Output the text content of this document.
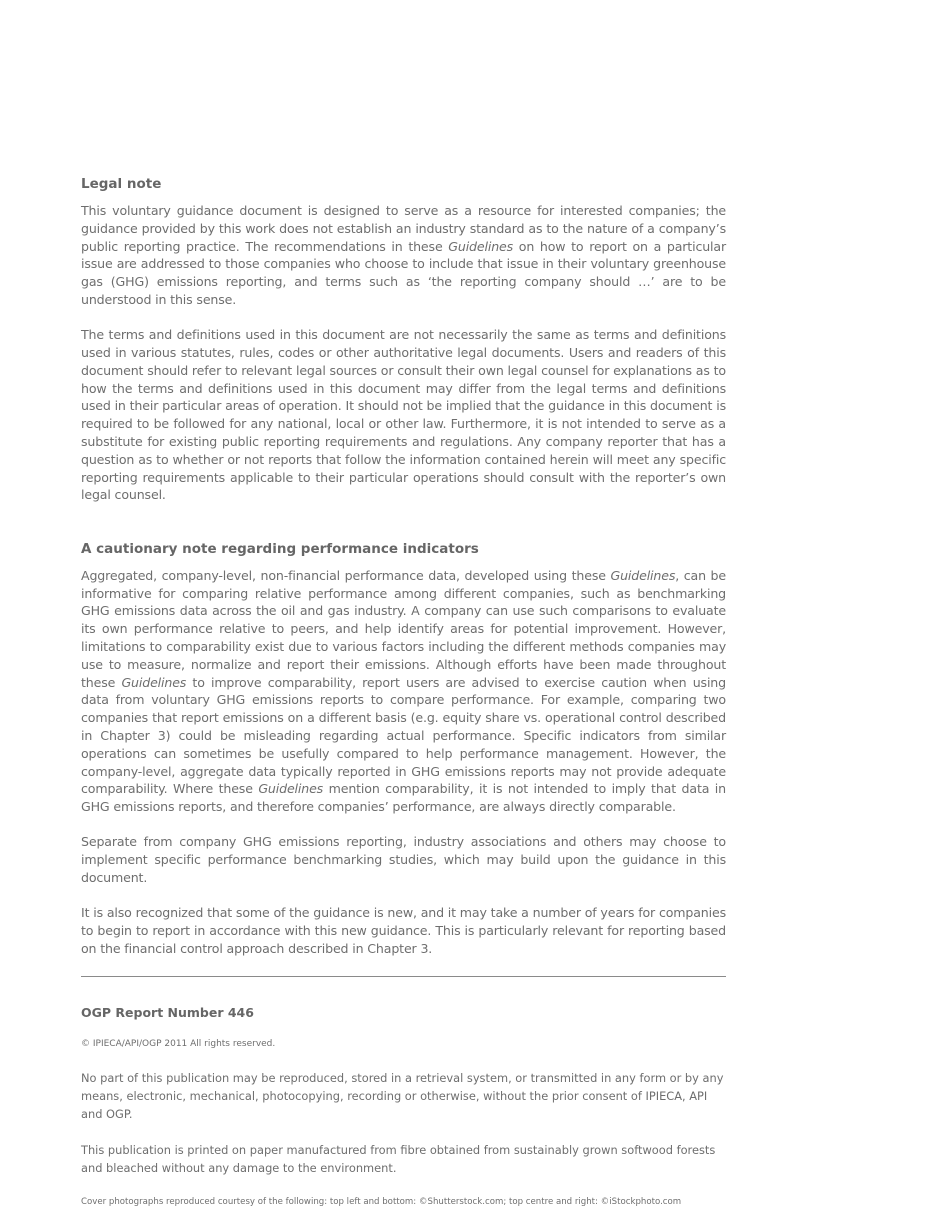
Legal note

This voluntary guidance document is designed to serve as a resource for interested companies; the guidance provided by this work does not establish an industry standard as to the nature of a company’s public reporting practice. The recommendations in these Guidelines on how to report on a particular issue are addressed to those companies who choose to include that issue in their voluntary greenhouse gas (GHG) emissions reporting, and terms such as ‘the reporting company should …’ are to be understood in this sense.

The terms and definitions used in this document are not necessarily the same as terms and definitions used in various statutes, rules, codes or other authoritative legal documents. Users and readers of this document should refer to relevant legal sources or consult their own legal counsel for explanations as to how the terms and definitions used in this document may differ from the legal terms and definitions used in their particular areas of operation. It should not be implied that the guidance in this document is required to be followed for any national, local or other law. Furthermore, it is not intended to serve as a substitute for existing public reporting requirements and regulations. Any company reporter that has a question as to whether or not reports that follow the information contained herein will meet any specific reporting requirements applicable to their particular operations should consult with the reporter’s own legal counsel.

A cautionary note regarding performance indicators

Aggregated, company-level, non-financial performance data, developed using these Guidelines, can be informative for comparing relative performance among different companies, such as benchmarking GHG emissions data across the oil and gas industry. A company can use such comparisons to evaluate its own performance relative to peers, and help identify areas for potential improvement. However, limitations to comparability exist due to various factors including the different methods companies may use to measure, normalize and report their emissions. Although efforts have been made throughout these Guidelines to improve comparability, report users are advised to exercise caution when using data from voluntary GHG emissions reports to compare performance. For example, comparing two companies that report emissions on a different basis (e.g. equity share vs. operational control described in Chapter 3) could be misleading regarding actual performance. Specific indicators from similar operations can sometimes be usefully compared to help performance management. However, the company-level, aggregate data typically reported in GHG emissions reports may not provide adequate comparability. Where these Guidelines mention comparability, it is not intended to imply that data in GHG emissions reports, and therefore companies’ performance, are always directly comparable.

Separate from company GHG emissions reporting, industry associations and others may choose to implement specific performance benchmarking studies, which may build upon the guidance in this document.

It is also recognized that some of the guidance is new, and it may take a number of years for companies to begin to report in accordance with this new guidance. This is particularly relevant for reporting based on the financial control approach described in Chapter 3.

OGP Report Number 446
© IPIECA/API/OGP 2011 All rights reserved.

No part of this publication may be reproduced, stored in a retrieval system, or transmitted in any form or by any means, electronic, mechanical, photocopying, recording or otherwise, without the prior consent of IPIECA, API and OGP.

This publication is printed on paper manufactured from fibre obtained from sustainably grown softwood forests and bleached without any damage to the environment.

Cover photographs reproduced courtesy of the following: top left and bottom: ©Shutterstock.com; top centre and right: ©iStockphoto.com
